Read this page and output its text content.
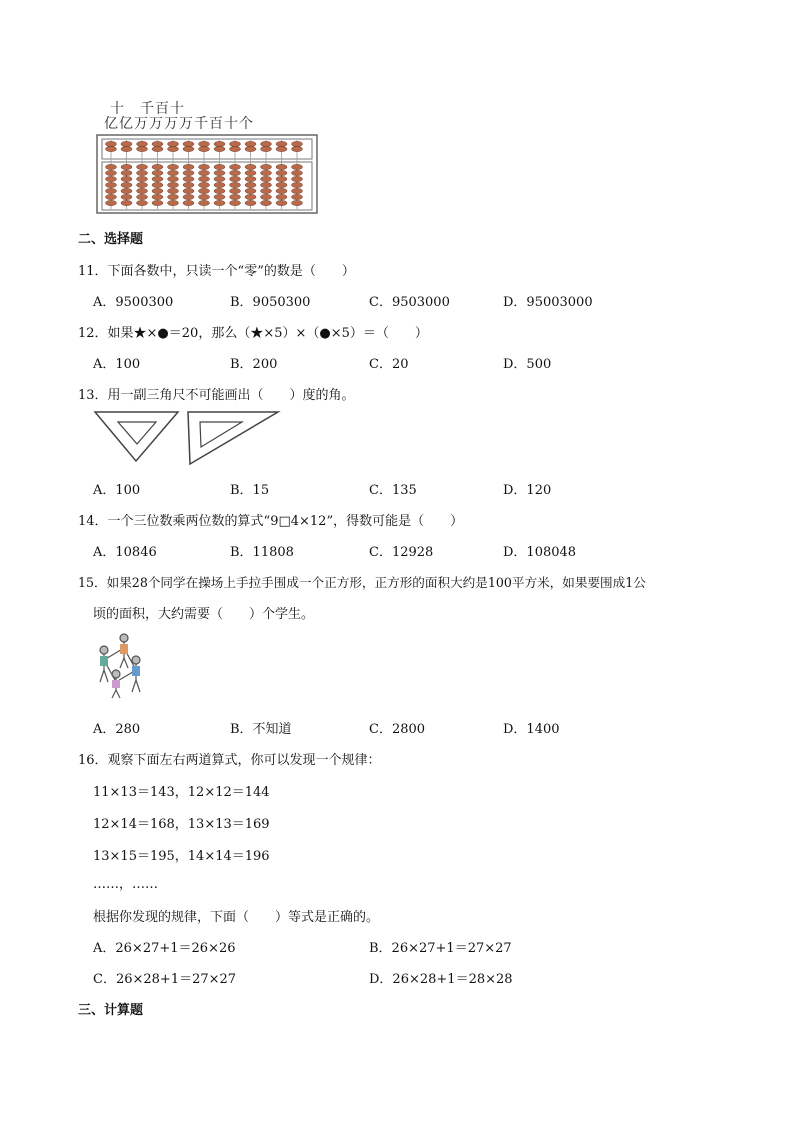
十　千百十
亿亿万万万万千百十个
二、选择题
11．下面各数中，只读一个“零”的数是（　　）
A．9500300	B．9050300	C．9503000	D．95003000
12．如果★×●＝20，那么（★×5）×（●×5）＝（　　）
A．100	B．200	C．20	D．500
13．用一副三角尺不可能画出（　　）度的角。
A．100	B．15	C．135	D．120
14．一个三位数乘两位数的算式“9□4×12”，得数可能是（　　）
A．10846	B．11808	C．12928	D．108048
15．如果28个同学在操场上手拉手围成一个正方形，正方形的面积大约是100平方米，如果要围成1公
顷的面积，大约需要（　　）个学生。
A．280	B．不知道	C．2800	D．1400
16．观察下面左右两道算式，你可以发现一个规律：
11×13＝143，12×12＝144
12×14＝168，13×13＝169
13×15＝195，14×14＝196
……，……
根据你发现的规律，下面（　　）等式是正确的。
A．26×27+1＝26×26	B．26×27+1＝27×27
C．26×28+1＝27×27	D．26×28+1＝28×28
三、计算题
